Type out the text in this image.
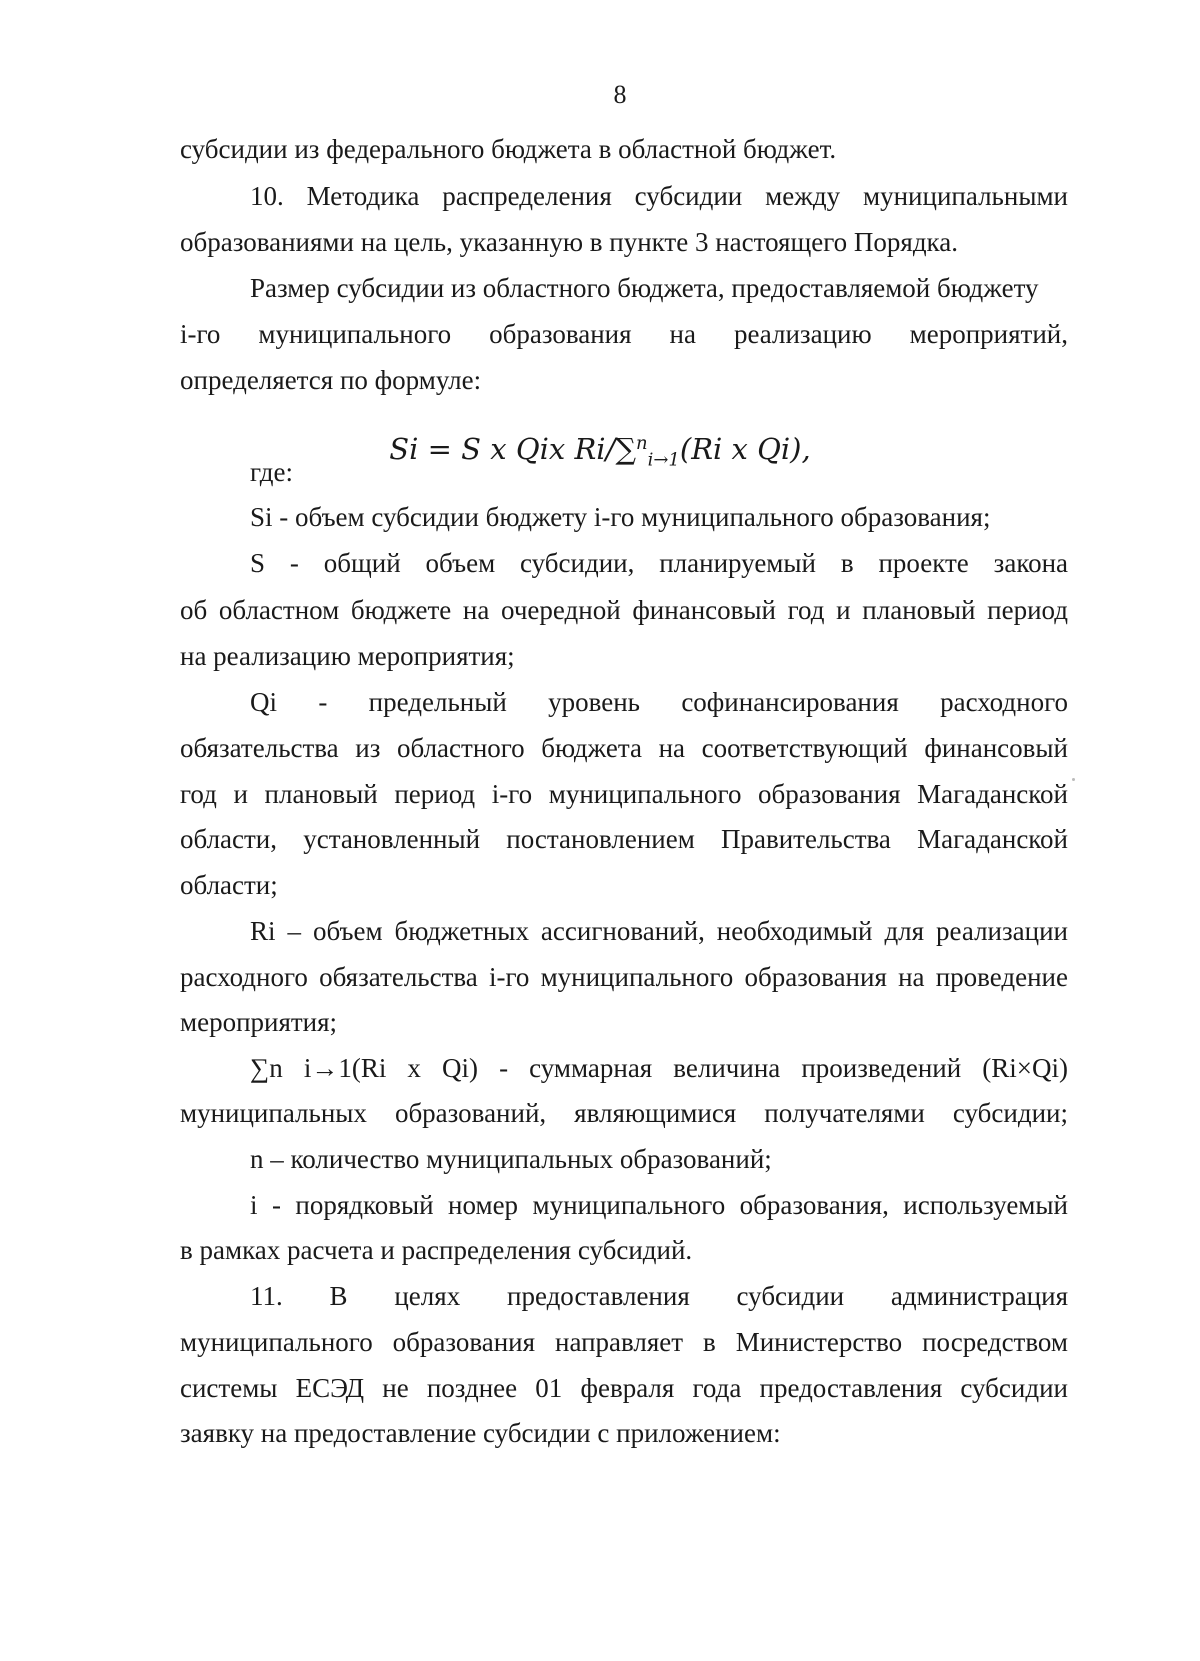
8
субсидии из федерального бюджета в областной бюджет.
10. Методика распределения субсидии между муниципальными
образованиями на цель, указанную в пункте 3 настоящего Порядка.
Размер субсидии из областного бюджета, предоставляемой бюджету
i-го муниципального образования на реализацию мероприятий,
определяется по формуле:
Si = S x Qix Ri/∑$^n_{i\to 1}$(Ri x Qi),
где:
Si - объем субсидии бюджету i-го муниципального образования;
S - общий объем субсидии, планируемый в проекте закона
об областном бюджете на очередной финансовый год и плановый период
на реализацию мероприятия;
Qi - предельный уровень софинансирования расходного
обязательства из областного бюджета на соответствующий финансовый
год и плановый период i-го муниципального образования Магаданской
области, установленный постановлением Правительства Магаданской
области;
Ri – объем бюджетных ассигнований, необходимый для реализации
расходного обязательства i-го муниципального образования на проведение
мероприятия;
∑n i→1(Ri x Qi) - суммарная величина произведений (Ri×Qi)
муниципальных образований, являющимися получателями субсидии;
n – количество муниципальных образований;
i - порядковый номер муниципального образования, используемый
в рамках расчета и распределения субсидий.
11. В целях предоставления субсидии администрация
муниципального образования направляет в Министерство посредством
системы ЕСЭД не позднее 01 февраля года предоставления субсидии
заявку на предоставление субсидии с приложением:
